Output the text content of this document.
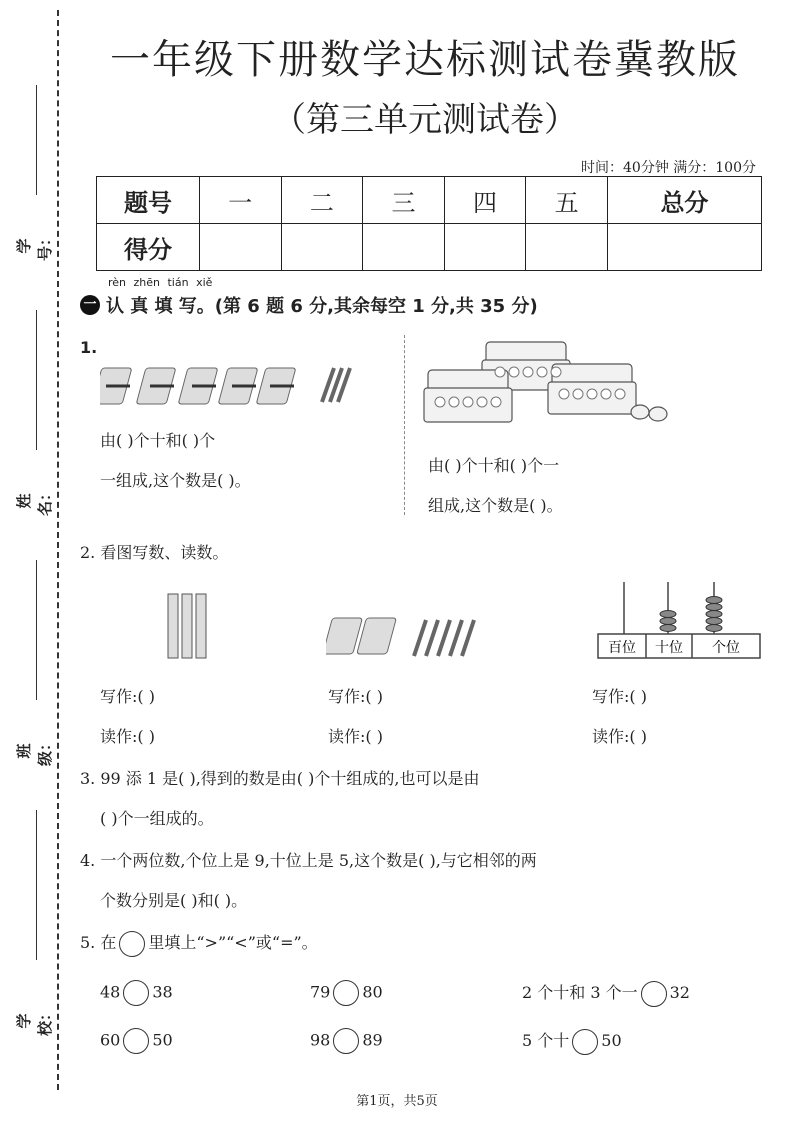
学号：
姓名：
班级：
学校：
一年级下册数学达标测试卷冀教版
（第三单元测试卷）
时间：40分钟 满分：100分
题号	一	二	三	四	五	总分
得分						
rèn zhēn tián xiě
一 认 真 填 写。(第 6 题 6 分,其余每空 1 分,共 35 分)
1.
由( )个十和( )个
一组成,这个数是( )。
由( )个十和( )个一
组成,这个数是( )。
2. 看图写数、读数。
百位 十位 个位
写作:( )	写作:( )	写作:( )
读作:( )	读作:( )	读作:( )
3. 99 添 1 是( ),得到的数是由( )个十组成的,也可以是由
( )个一组成的。
4. 一个两位数,个位上是 9,十位上是 5,这个数是( ),与它相邻的两
个数分别是( )和( )。
5. 在 里填上“>”“<”或“=”。
48 38	79 80	2 个十和 3 个一 32
60 50	98 89	5 个十 50
第1页，共5页
